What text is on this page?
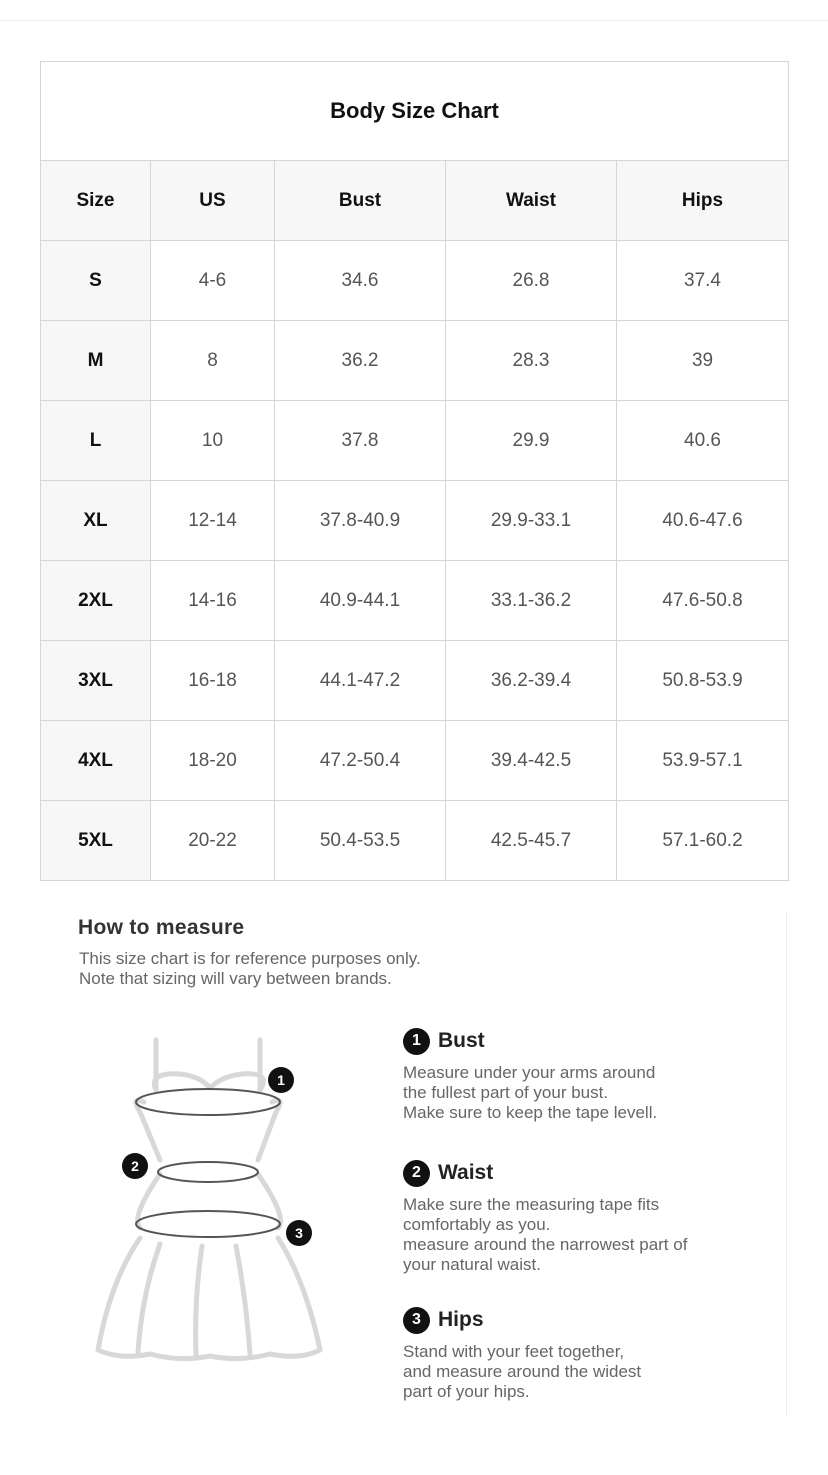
Body Size Chart				
Size	US	Bust	Waist	Hips
S	4-6	34.6	26.8	37.4
M	8	36.2	28.3	39
L	10	37.8	29.9	40.6
XL	12-14	37.8-40.9	29.9-33.1	40.6-47.6
2XL	14-16	40.9-44.1	33.1-36.2	47.6-50.8
3XL	16-18	44.1-47.2	36.2-39.4	50.8-53.9
4XL	18-20	47.2-50.4	39.4-42.5	53.9-57.1
5XL	20-22	50.4-53.5	42.5-45.7	57.1-60.2
How to measure
This size chart is for reference purposes only.
Note that sizing will vary between brands.
1
2
3
1 Bust
Measure under your arms around
the fullest part of your bust.
Make sure to keep the tape levell.
2 Waist
Make sure the measuring tape fits
comfortably as you.
measure around the narrowest part of
your natural waist.
3 Hips
Stand with your feet together,
and measure around the widest
part of your hips.
